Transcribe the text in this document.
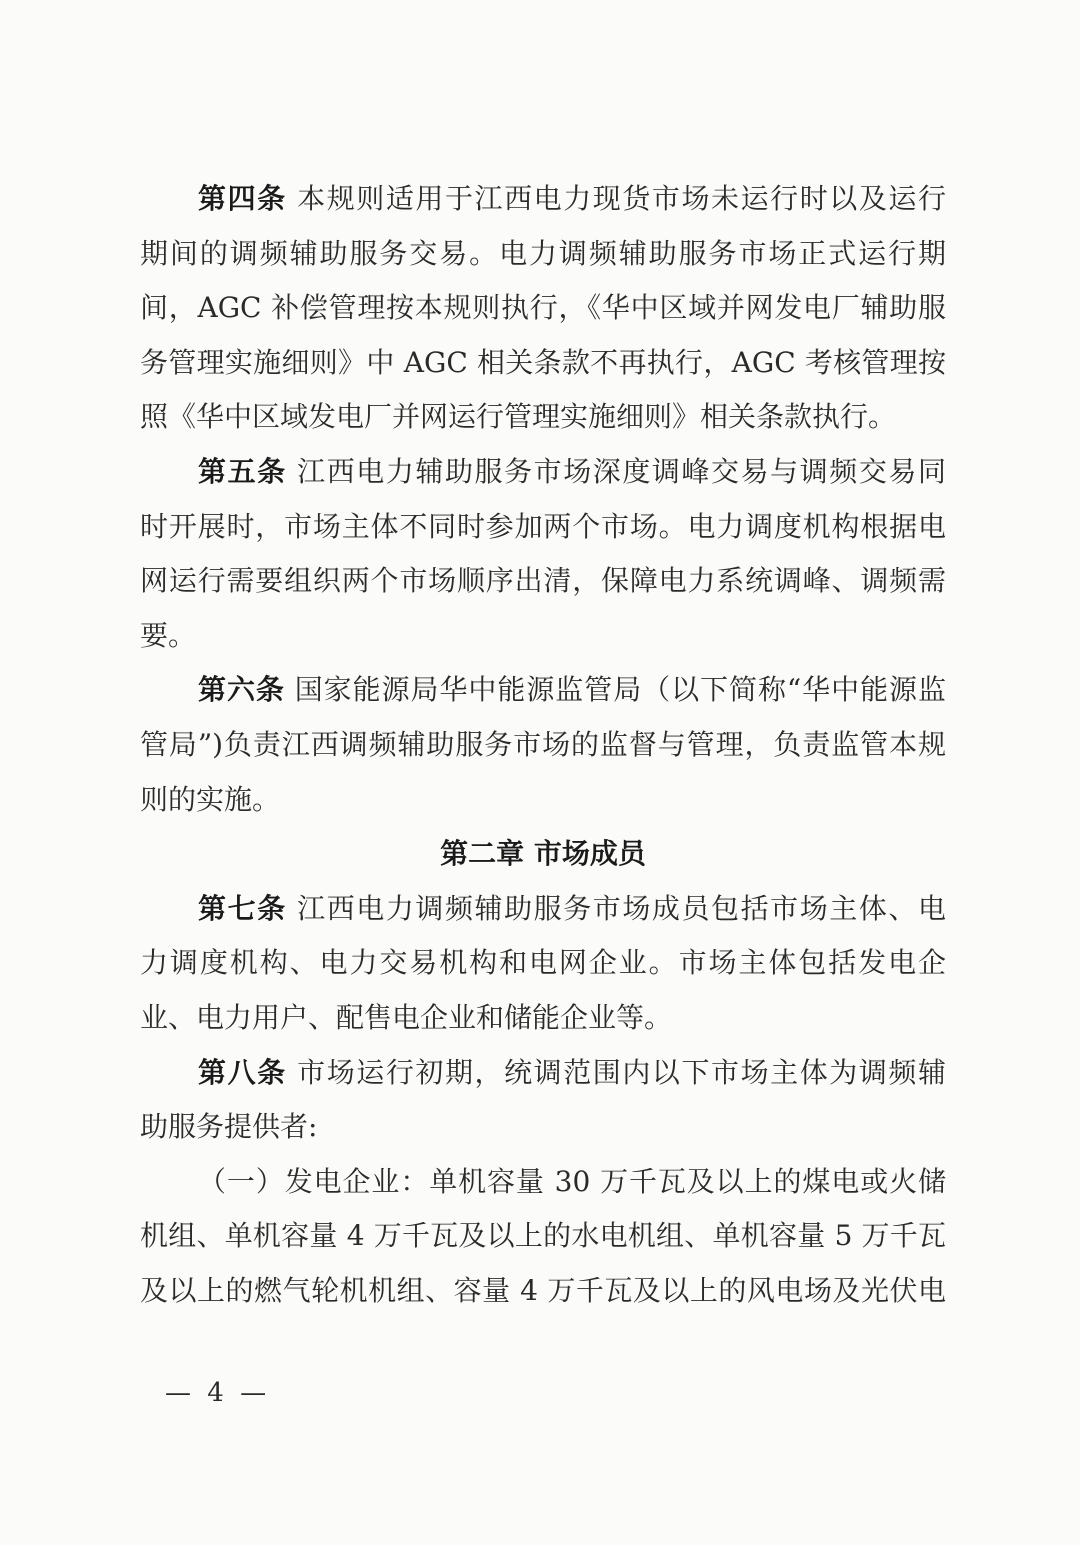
第四条 本规则适用于江西电力现货市场未运行时以及运行
期间的调频辅助服务交易。电力调频辅助服务市场正式运行期
间，AGC 补偿管理按本规则执行，《华中区域并网发电厂辅助服
务管理实施细则》中 AGC 相关条款不再执行，AGC 考核管理按
照《华中区域发电厂并网运行管理实施细则》相关条款执行。
第五条 江西电力辅助服务市场深度调峰交易与调频交易同
时开展时，市场主体不同时参加两个市场。电力调度机构根据电
网运行需要组织两个市场顺序出清，保障电力系统调峰、调频需
要。
第六条 国家能源局华中能源监管局（以下简称“华中能源监
管局”)负责江西调频辅助服务市场的监督与管理，负责监管本规
则的实施。
第二章 市场成员
第七条 江西电力调频辅助服务市场成员包括市场主体、电
力调度机构、电力交易机构和电网企业。市场主体包括发电企
业、电力用户、配售电企业和储能企业等。
第八条 市场运行初期，统调范围内以下市场主体为调频辅
助服务提供者:
（一）发电企业：单机容量 30 万千瓦及以上的煤电或火储
机组、单机容量 4 万千瓦及以上的水电机组、单机容量 5 万千瓦
及以上的燃气轮机机组、容量 4 万千瓦及以上的风电场及光伏电
— 4 —
